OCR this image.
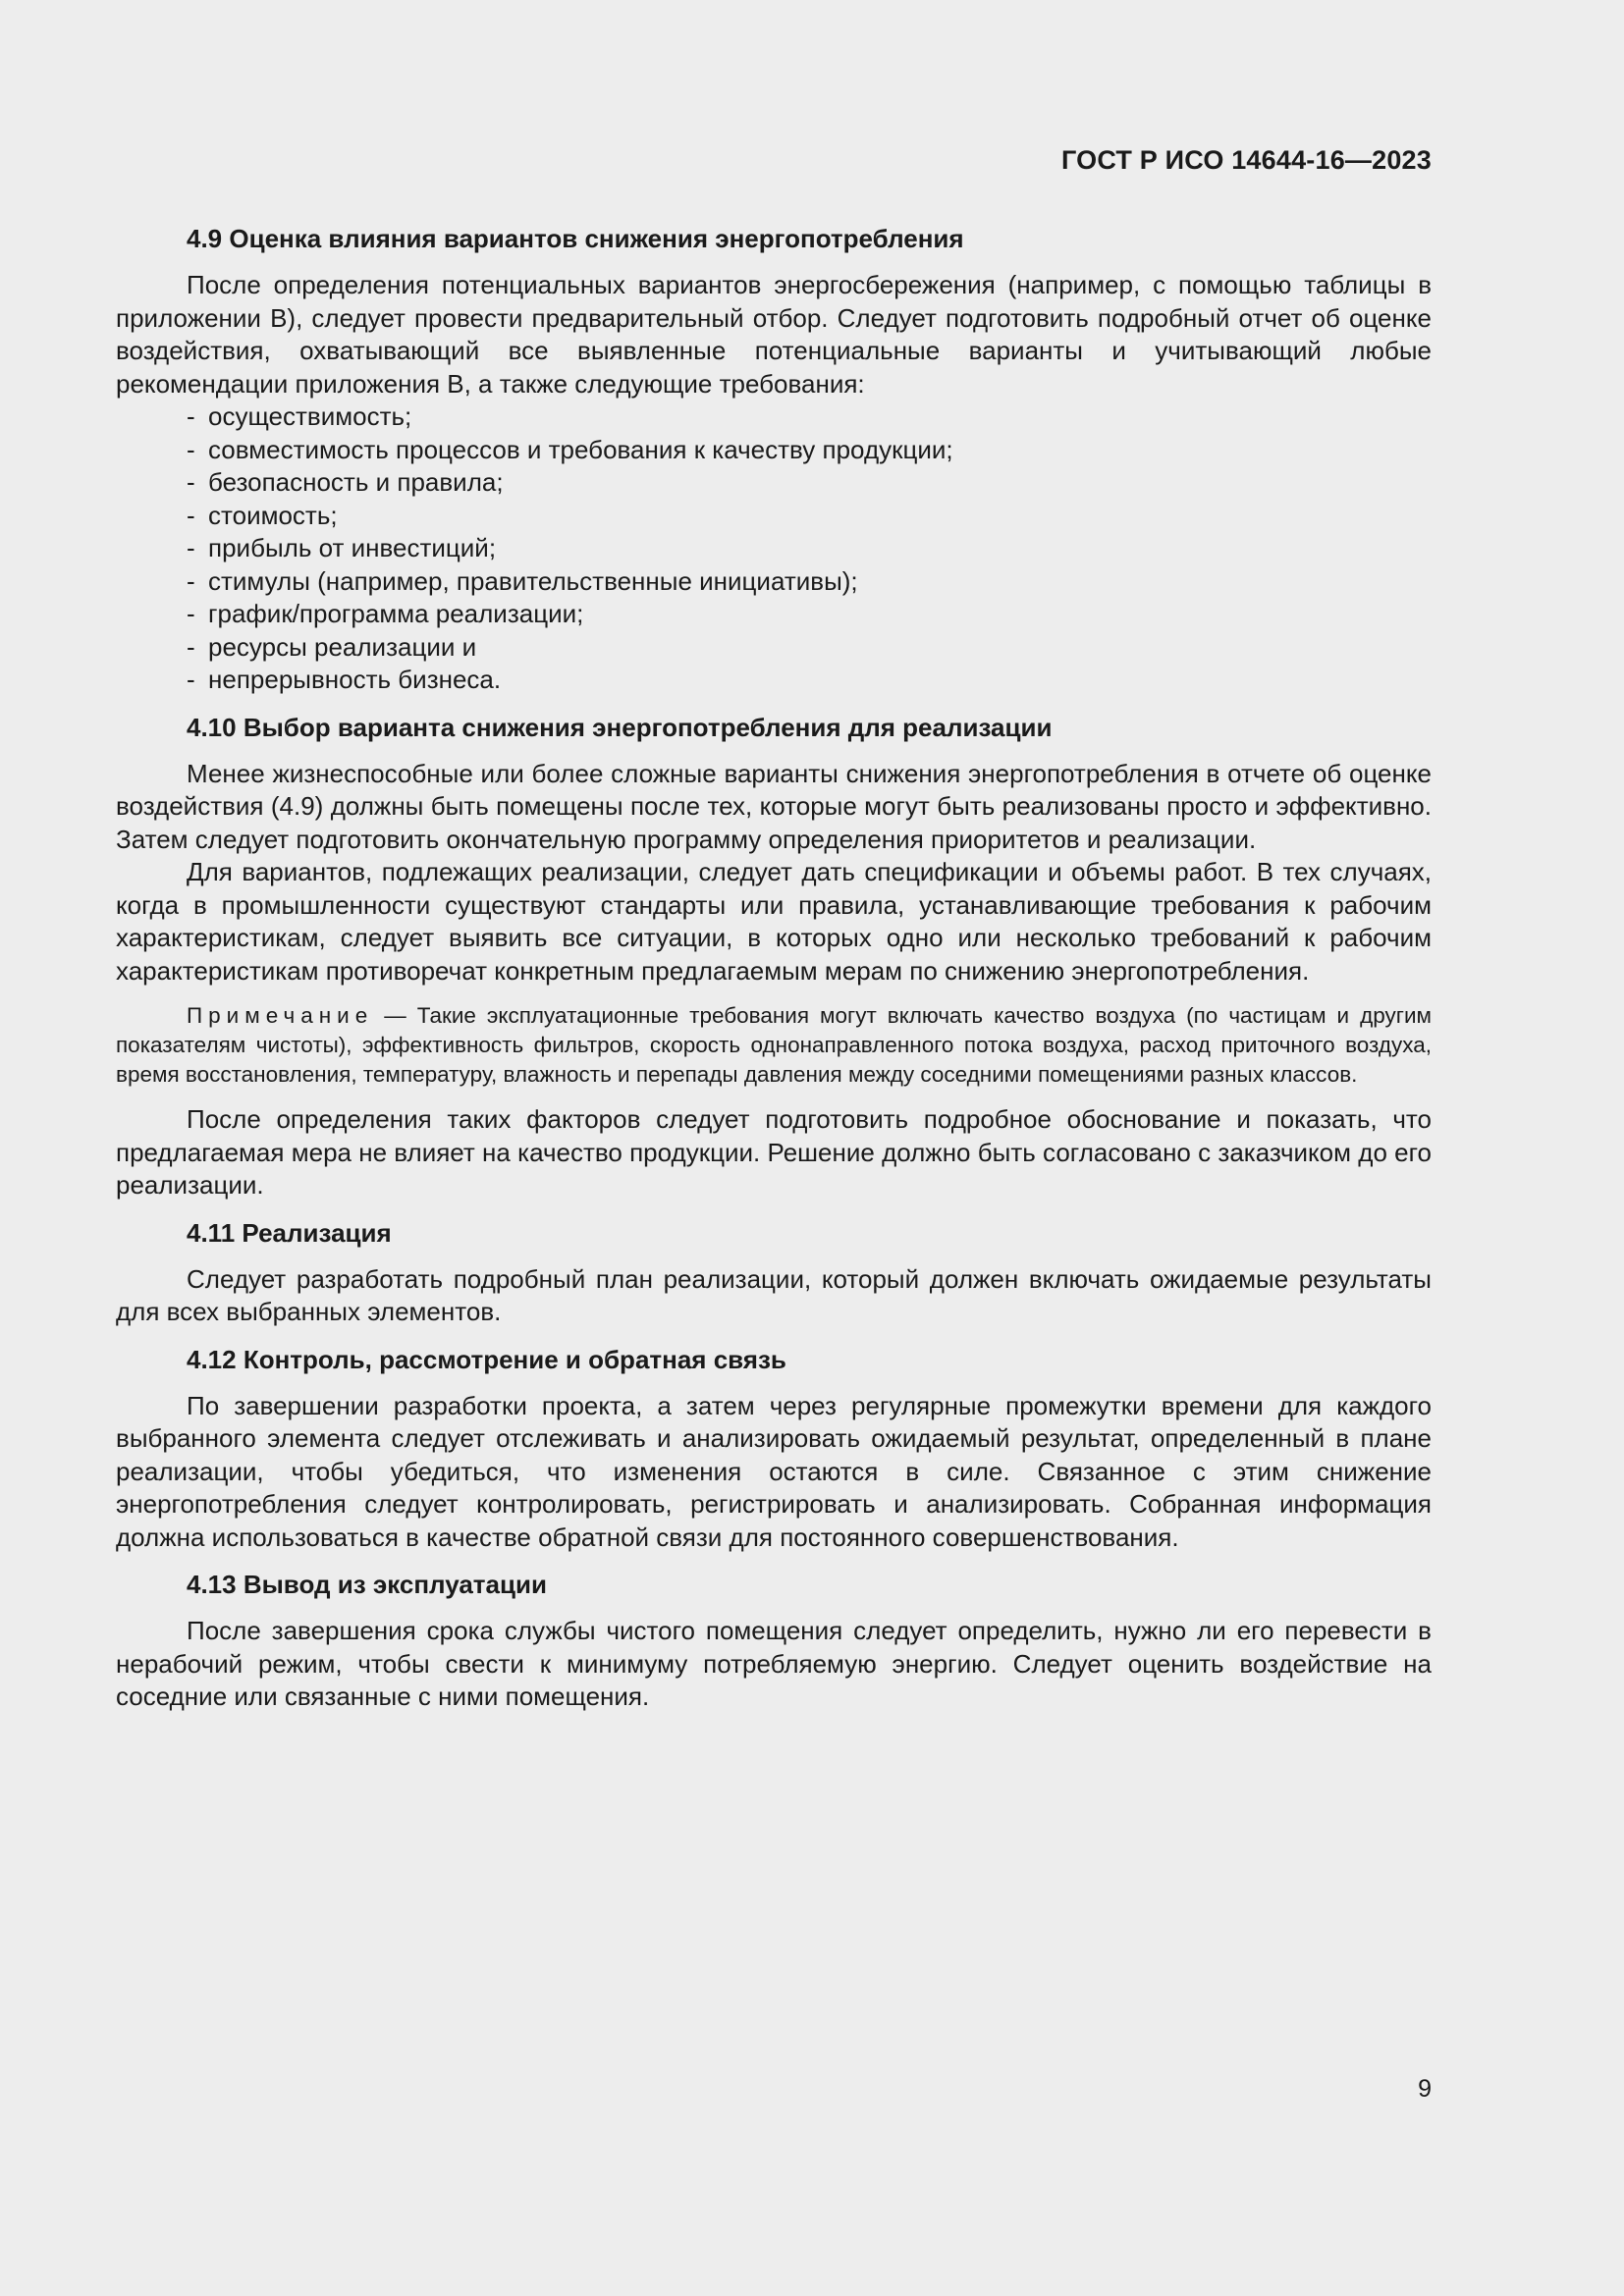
ГОСТ Р ИСО 14644-16—2023
4.9 Оценка влияния вариантов снижения энергопотребления

После определения потенциальных вариантов энергосбережения (например, с помощью таблицы в приложении В), следует провести предварительный отбор. Следует подготовить подробный отчет об оценке воздействия, охватывающий все выявленные потенциальные варианты и учитывающий любые рекомендации приложения В, а также следующие требования:

- осуществимость;
- совместимость процессов и требования к качеству продукции;
- безопасность и правила;
- стоимость;
- прибыль от инвестиций;
- стимулы (например, правительственные инициативы);
- график/программа реализации;
- ресурсы реализации и
- непрерывность бизнеса.
4.10 Выбор варианта снижения энергопотребления для реализации

Менее жизнеспособные или более сложные варианты снижения энергопотребления в отчете об оценке воздействия (4.9) должны быть помещены после тех, которые могут быть реализованы просто и эффективно. Затем следует подготовить окончательную программу определения приоритетов и реализации.

Для вариантов, подлежащих реализации, следует дать спецификации и объемы работ. В тех случаях, когда в промышленности существуют стандарты или правила, устанавливающие требования к рабочим характеристикам, следует выявить все ситуации, в которых одно или несколько требований к рабочим характеристикам противоречат конкретным предлагаемым мерам по снижению энергопотребления.

Примечание — Такие эксплуатационные требования могут включать качество воздуха (по частицам и другим показателям чистоты), эффективность фильтров, скорость однонаправленного потока воздуха, расход приточного воздуха, время восстановления, температуру, влажность и перепады давления между соседними помещениями разных классов.

После определения таких факторов следует подготовить подробное обоснование и показать, что предлагаемая мера не влияет на качество продукции. Решение должно быть согласовано с заказчиком до его реализации.

4.11 Реализация

Следует разработать подробный план реализации, который должен включать ожидаемые результаты для всех выбранных элементов.

4.12 Контроль, рассмотрение и обратная связь

По завершении разработки проекта, а затем через регулярные промежутки времени для каждого выбранного элемента следует отслеживать и анализировать ожидаемый результат, определенный в плане реализации, чтобы убедиться, что изменения остаются в силе. Связанное с этим снижение энергопотребления следует контролировать, регистрировать и анализировать. Собранная информация должна использоваться в качестве обратной связи для постоянного совершенствования.

4.13 Вывод из эксплуатации

После завершения срока службы чистого помещения следует определить, нужно ли его перевести в нерабочий режим, чтобы свести к минимуму потребляемую энергию. Следует оценить воздействие на соседние или связанные с ними помещения.

9
